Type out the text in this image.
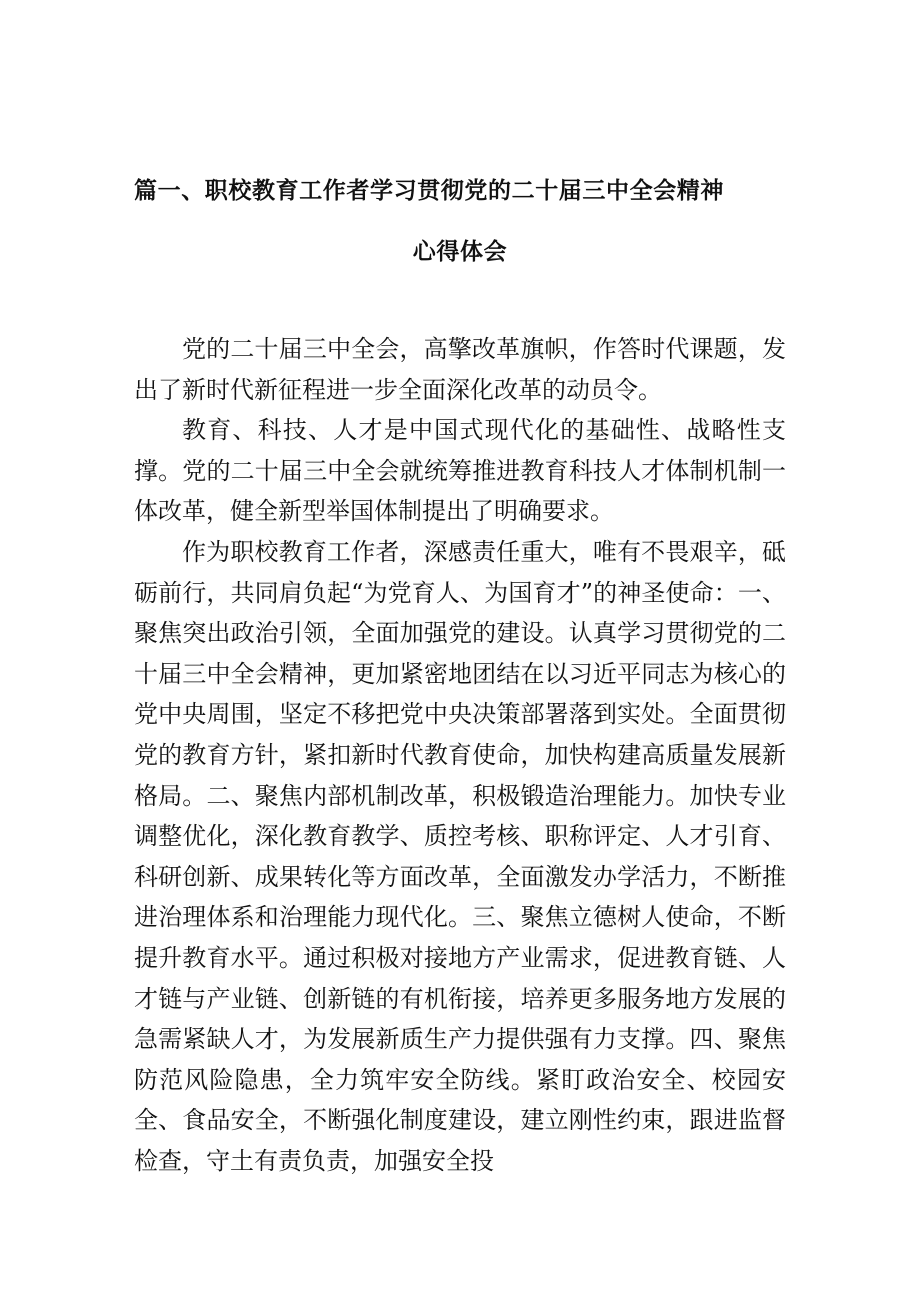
篇一、职校教育工作者学习贯彻党的二十届三中全会精神
心得体会

党的二十届三中全会，高擎改革旗帜，作答时代课题，发出了新时代新征程进一步全面深化改革的动员令。

教育、科技、人才是中国式现代化的基础性、战略性支撑。党的二十届三中全会就统筹推进教育科技人才体制机制一体改革，健全新型举国体制提出了明确要求。

作为职校教育工作者，深感责任重大，唯有不畏艰辛，砥砺前行，共同肩负起“为党育人、为国育才”的神圣使命：一、聚焦突出政治引领，全面加强党的建设。认真学习贯彻党的二十届三中全会精神，更加紧密地团结在以习近平同志为核心的党中央周围，坚定不移把党中央决策部署落到实处。全面贯彻党的教育方针，紧扣新时代教育使命，加快构建高质量发展新格局。二、聚焦内部机制改革，积极锻造治理能力。加快专业调整优化，深化教育教学、质控考核、职称评定、人才引育、科研创新、成果转化等方面改革，全面激发办学活力，不断推进治理体系和治理能力现代化。三、聚焦立德树人使命，不断提升教育水平。通过积极对接地方产业需求，促进教育链、人才链与产业链、创新链的有机衔接，培养更多服务地方发展的急需紧缺人才，为发展新质生产力提供强有力支撑。四、聚焦防范风险隐患，全力筑牢安全防线。紧盯政治安全、校园安全、食品安全，不断强化制度建设，建立刚性约束，跟进监督检查，守土有责负责，加强安全投
